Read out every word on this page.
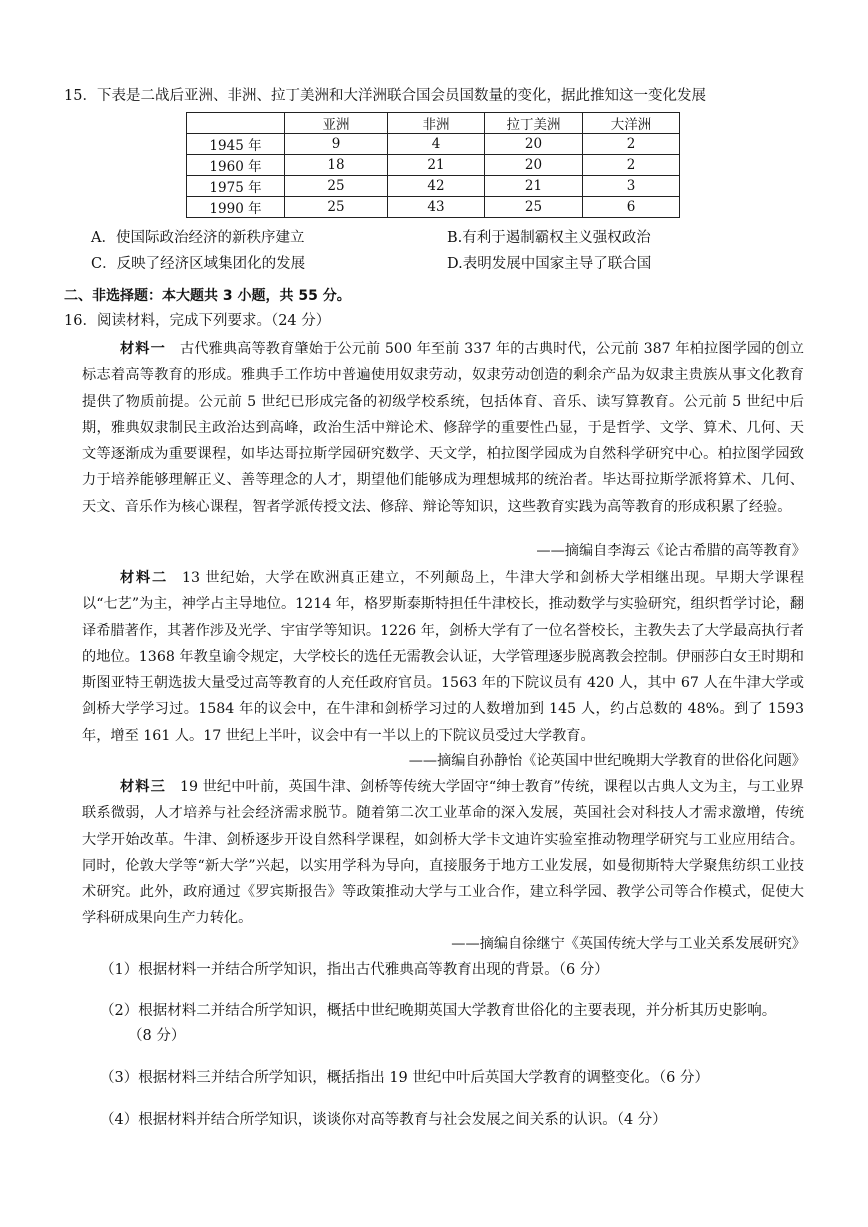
15．下表是二战后亚洲、非洲、拉丁美洲和大洋洲联合国会员国数量的变化，据此推知这一变化发展
	亚洲	非洲	拉丁美洲	大洋洲
1945 年	9	4	20	2
1960 年	18	21	20	2
1975 年	25	42	21	3
1990 年	25	43	25	6
A．使国际政治经济的新秩序建立	B.有利于遏制霸权主义强权政治
C．反映了经济区域集团化的发展	D.表明发展中国家主导了联合国
二、非选择题：本大题共 3 小题，共 55 分。
16．阅读材料，完成下列要求。（24 分）
材料一 古代雅典高等教育肇始于公元前 500 年至前 337 年的古典时代，公元前 387 年柏拉图学园的创立标志着高等教育的形成。雅典手工作坊中普遍使用奴隶劳动，奴隶劳动创造的剩余产品为奴隶主贵族从事文化教育提供了物质前提。公元前 5 世纪已形成完备的初级学校系统，包括体育、音乐、读写算教育。公元前 5 世纪中后期，雅典奴隶制民主政治达到高峰，政治生活中辩论术、修辞学的重要性凸显，于是哲学、文学、算术、几何、天文等逐渐成为重要课程，如毕达哥拉斯学园研究数学、天文学，柏拉图学园成为自然科学研究中心。柏拉图学园致力于培养能够理解正义、善等理念的人才，期望他们能够成为理想城邦的统治者。毕达哥拉斯学派将算术、几何、天文、音乐作为核心课程，智者学派传授文法、修辞、辩论等知识，这些教育实践为高等教育的形成积累了经验。
——摘编自李海云《论古希腊的高等教育》
材料二 13 世纪始，大学在欧洲真正建立，不列颠岛上，牛津大学和剑桥大学相继出现。早期大学课程以“七艺”为主，神学占主导地位。1214 年，格罗斯泰斯特担任牛津校长，推动数学与实验研究，组织哲学讨论，翻译希腊著作，其著作涉及光学、宇宙学等知识。1226 年，剑桥大学有了一位名誉校长，主教失去了大学最高执行者的地位。1368 年教皇谕令规定，大学校长的选任无需教会认证，大学管理逐步脱离教会控制。伊丽莎白女王时期和斯图亚特王朝选拔大量受过高等教育的人充任政府官员。1563 年的下院议员有 420 人，其中 67 人在牛津大学或剑桥大学学习过。1584 年的议会中，在牛津和剑桥学习过的人数增加到 145 人，约占总数的 48%。到了 1593 年，增至 161 人。17 世纪上半叶，议会中有一半以上的下院议员受过大学教育。
——摘编自孙静怡《论英国中世纪晚期大学教育的世俗化问题》
材料三 19 世纪中叶前，英国牛津、剑桥等传统大学固守“绅士教育”传统，课程以古典人文为主，与工业界联系微弱，人才培养与社会经济需求脱节。随着第二次工业革命的深入发展，英国社会对科技人才需求激增，传统大学开始改革。牛津、剑桥逐步开设自然科学课程，如剑桥大学卡文迪许实验室推动物理学研究与工业应用结合。同时，伦敦大学等“新大学”兴起，以实用学科为导向，直接服务于地方工业发展，如曼彻斯特大学聚焦纺织工业技术研究。此外，政府通过《罗宾斯报告》等政策推动大学与工业合作，建立科学园、教学公司等合作模式，促使大学科研成果向生产力转化。
——摘编自徐继宁《英国传统大学与工业关系发展研究》
（1）根据材料一并结合所学知识，指出古代雅典高等教育出现的背景。（6 分）
（2）根据材料二并结合所学知识，概括中世纪晚期英国大学教育世俗化的主要表现，并分析其历史影响。
（8 分）
（3）根据材料三并结合所学知识，概括指出 19 世纪中叶后英国大学教育的调整变化。（6 分）
（4）根据材料并结合所学知识，谈谈你对高等教育与社会发展之间关系的认识。（4 分）
